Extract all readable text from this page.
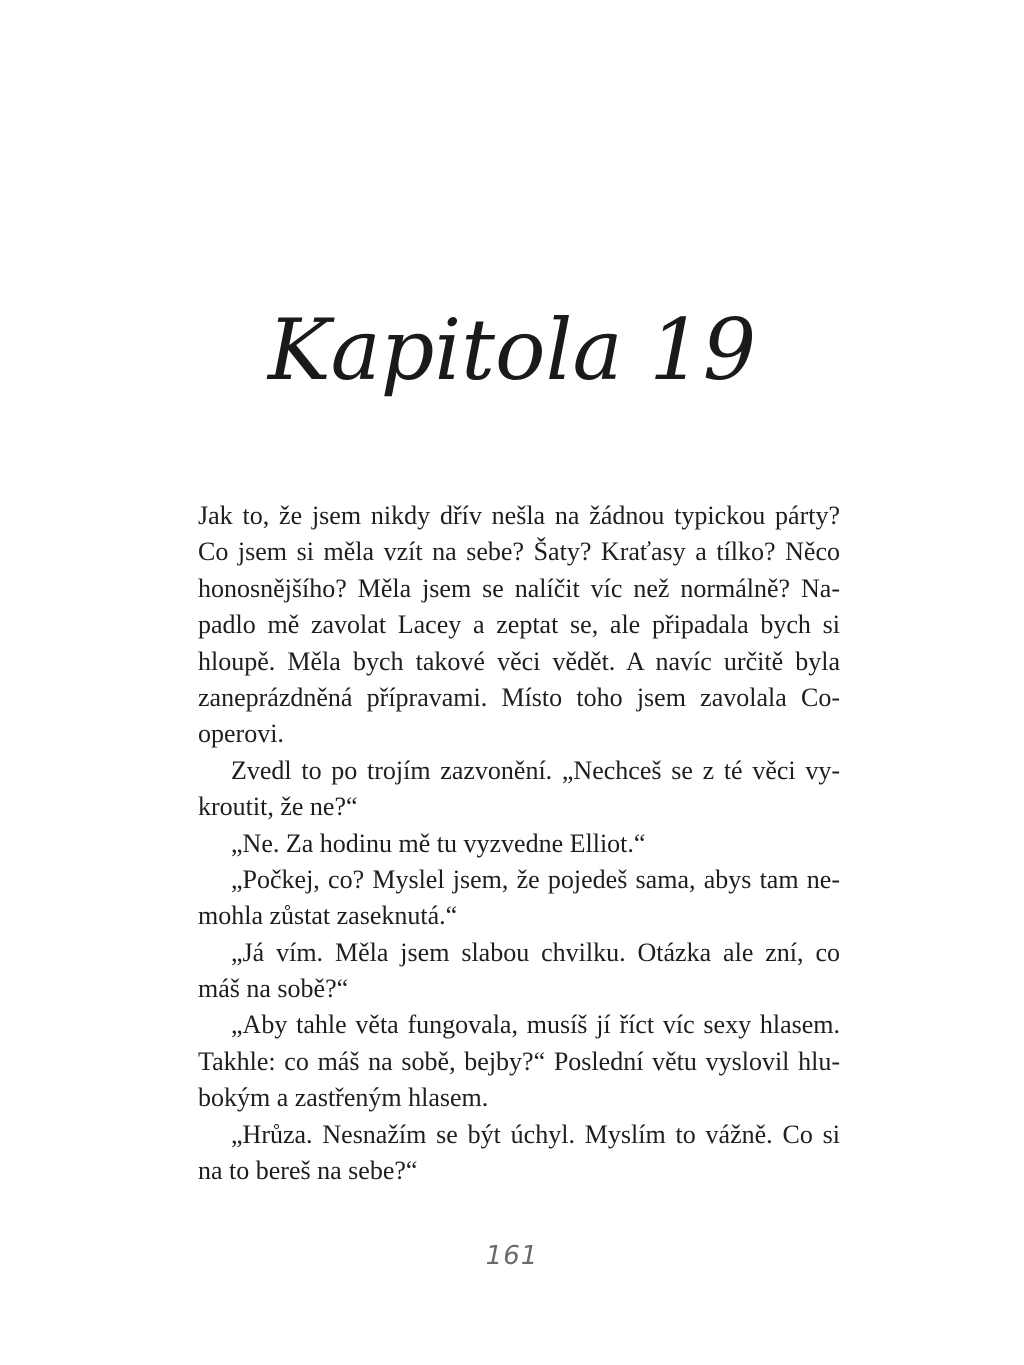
Kapitola 19
Jak to, že jsem nikdy dřív nešla na žádnou typickou párty?
Co jsem si měla vzít na sebe? Šaty? Kraťasy a tílko? Něco
honosnějšího? Měla jsem se nalíčit víc než normálně? Na-
padlo mě zavolat Lacey a zeptat se, ale připadala bych si
hloupě. Měla bych takové věci vědět. A navíc určitě byla
zaneprázdněná přípravami. Místo toho jsem zavolala Co-
operovi.
Zvedl to po trojím zazvonění. „Nechceš se z té věci vy-
kroutit, že ne?“
„Ne. Za hodinu mě tu vyzvedne Elliot.“
„Počkej, co? Myslel jsem, že pojedeš sama, abys tam ne-
mohla zůstat zaseknutá.“
„Já vím. Měla jsem slabou chvilku. Otázka ale zní, co
máš na sobě?“
„Aby tahle věta fungovala, musíš jí říct víc sexy hlasem.
Takhle: co máš na sobě, bejby?“ Poslední větu vyslovil hlu-
bokým a zastřeným hlasem.
„Hrůza. Nesnažím se být úchyl. Myslím to vážně. Co si
na to bereš na sebe?“
161
